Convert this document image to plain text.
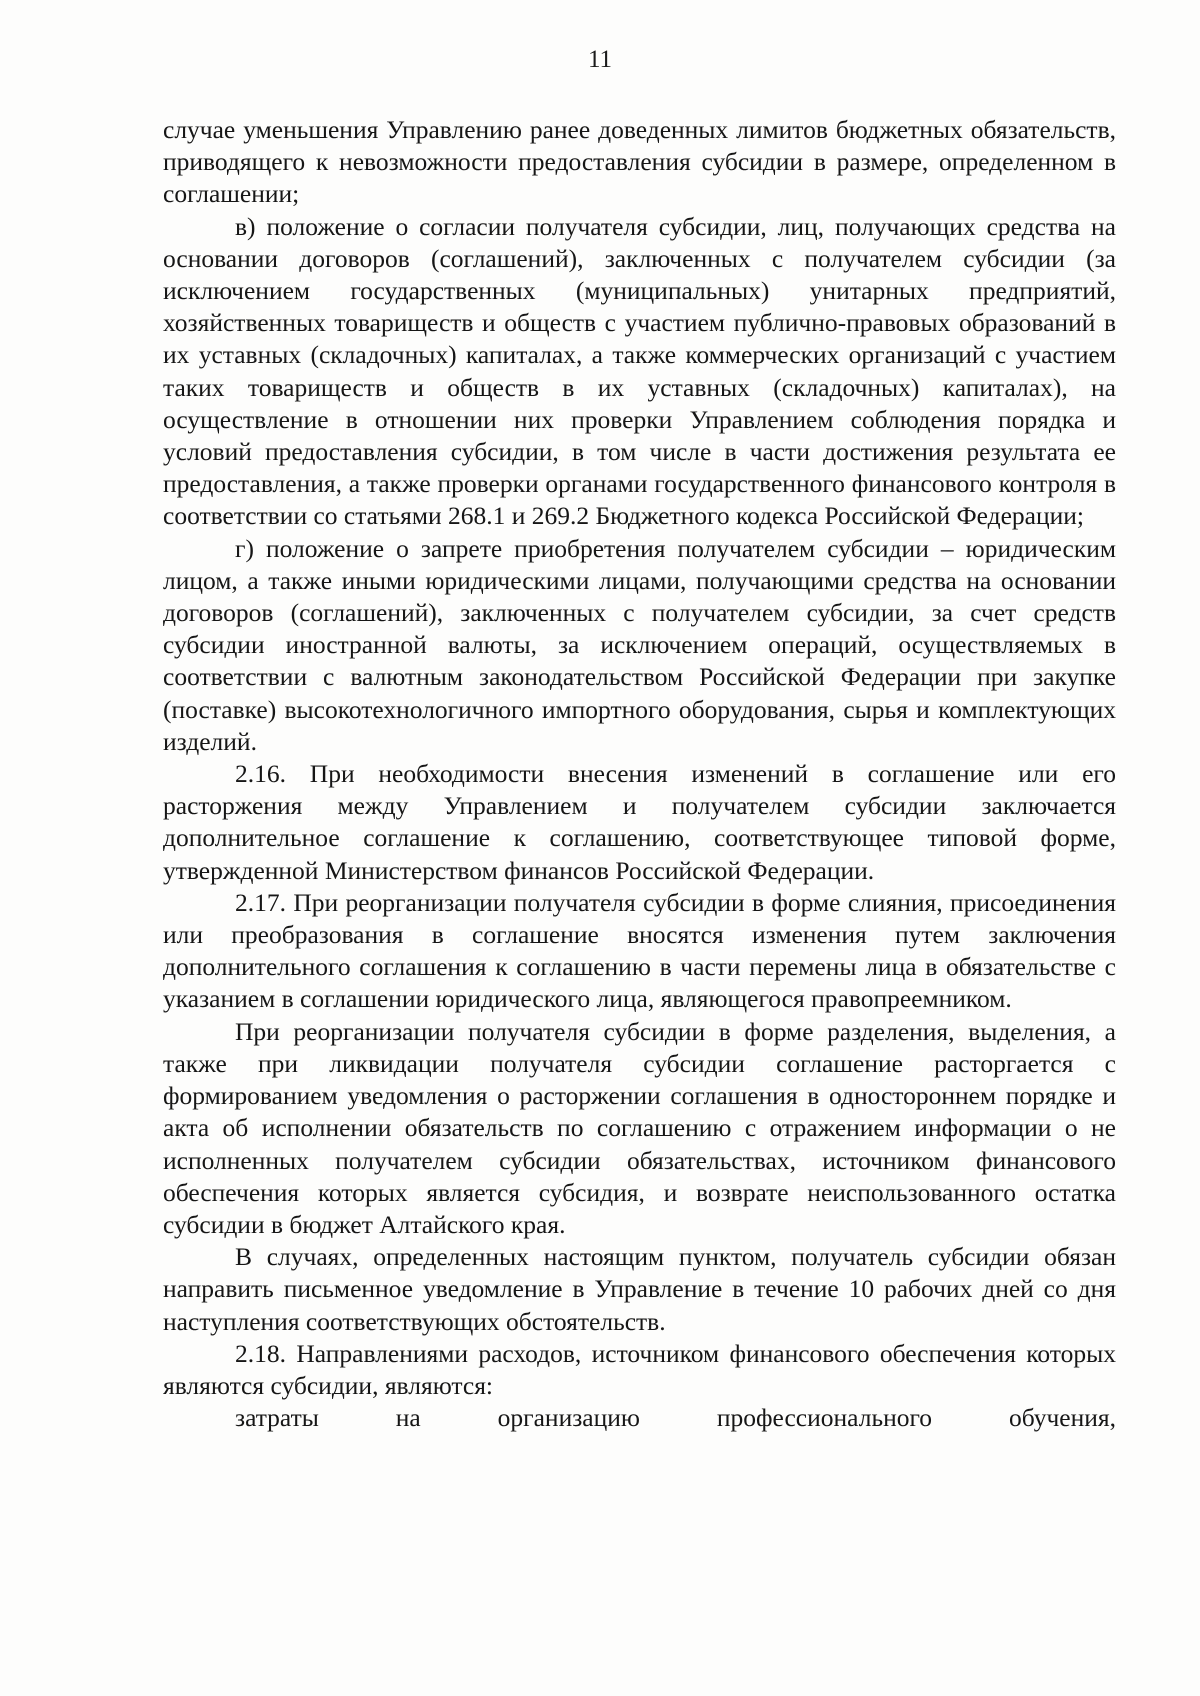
11

случае уменьшения Управлению ранее доведенных лимитов бюджетных обязательств, приводящего к невозможности предоставления субсидии в размере, определенном в соглашении;

в) положение о согласии получателя субсидии, лиц, получающих средства на основании договоров (соглашений), заключенных с получателем субсидии (за исключением государственных (муниципальных) унитарных предприятий, хозяйственных товариществ и обществ с участием публично-правовых образований в их уставных (складочных) капиталах, а также коммерческих организаций с участием таких товариществ и обществ в их уставных (складочных) капиталах), на осуществление в отношении них проверки Управлением соблюдения порядка и условий предоставления субсидии, в том числе в части достижения результата ее предоставления, а также проверки органами государственного финансового контроля в соответствии со статьями 268.1 и 269.2 Бюджетного кодекса Российской Федерации;

г) положение о запрете приобретения получателем субсидии – юридическим лицом, а также иными юридическими лицами, получающими средства на основании договоров (соглашений), заключенных с получателем субсидии, за счет средств субсидии иностранной валюты, за исключением операций, осуществляемых в соответствии с валютным законодательством Российской Федерации при закупке (поставке) высокотехнологичного импортного оборудования, сырья и комплектующих изделий.

2.16. При необходимости внесения изменений в соглашение или его расторжения между Управлением и получателем субсидии заключается дополнительное соглашение к соглашению, соответствующее типовой форме, утвержденной Министерством финансов Российской Федерации.

2.17. При реорганизации получателя субсидии в форме слияния, присоединения или преобразования в соглашение вносятся изменения путем заключения дополнительного соглашения к соглашению в части перемены лица в обязательстве с указанием в соглашении юридического лица, являющегося правопреемником.

При реорганизации получателя субсидии в форме разделения, выделения, а также при ликвидации получателя субсидии соглашение расторгается с формированием уведомления о расторжении соглашения в одностороннем порядке и акта об исполнении обязательств по соглашению с отражением информации о не исполненных получателем субсидии обязательствах, источником финансового обеспечения которых является субсидия, и возврате неиспользованного остатка субсидии в бюджет Алтайского края.

В случаях, определенных настоящим пунктом, получатель субсидии обязан направить письменное уведомление в Управление в течение 10 рабочих дней со дня наступления соответствующих обстоятельств.

2.18. Направлениями расходов, источником финансового обеспечения которых являются субсидии, являются:

затраты на организацию профессионального обучения,
